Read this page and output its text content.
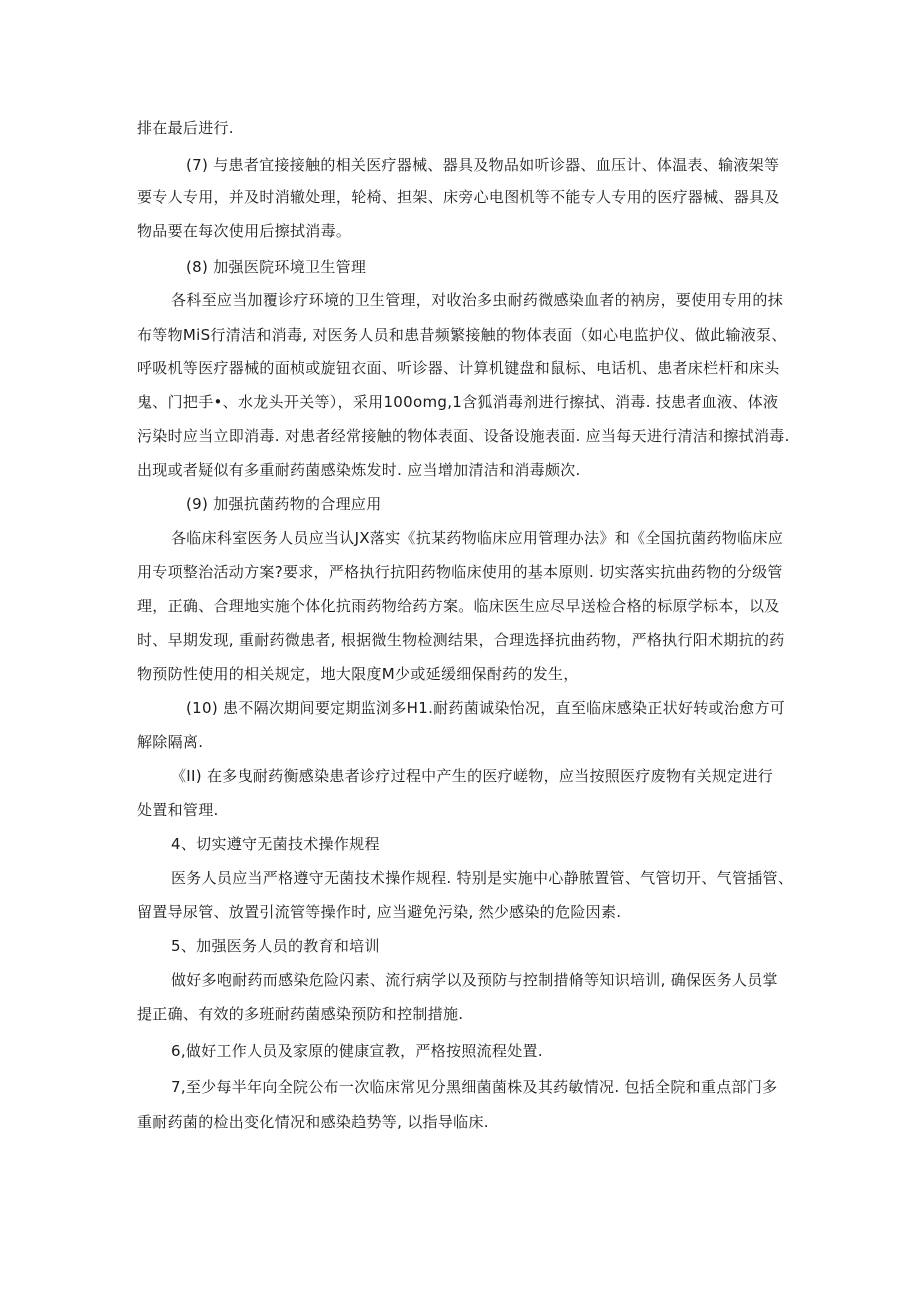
排在最后进行.
(7) 与患者宜接接触的相关医疗器械、器具及物品如听诊器、血压计、体温表、输液架等
要专人专用，并及时消辙处理，轮椅、担架、床旁心电图机等不能专人专用的医疗器械、器具及
物品要在每次使用后擦拭消毒。
(8) 加强医院环境卫生管理
各科至应当加覆诊疗环境的卫生管理，对收治多虫耐药微感染血者的衲房，要使用专用的抹
布等物MiS行清洁和消毒, 对医务人员和患昔频繁接触的物体表面（如心电监护仪、做此输液泵、
呼吸机等医疗器械的面桢或旋钮衣面、听诊器、计算机键盘和鼠标、电话机、患者床栏杆和床头
鬼、门把手•、水龙头开关等），采用100omg,1含狐消毒剂进行擦拭、消毒. 技患者血液、体液
污染时应当立即消毒. 对患者经常接触的物体表面、设备设施表面. 应当每天进行清洁和擦拭消毒.
出现或者疑似有多重耐药菌感染炼发时. 应当增加清洁和消毒颇次.
(9) 加强抗菌药物的合理应用
各临床科室医务人员应当认JX落实《抗某药物临床应用管理办法》和《全国抗菌药物临床应
用专项整治活动方案?要求，严格执行抗阳药物临床使用的基本原则. 切实落实抗曲药物的分级管
理，正确、合理地实施个体化抗雨药物给药方案。临床医生应尽早送检合格的标原学标本，以及
时、早期发现, 重耐药微患者, 根据微生物检测结果，合理选择抗曲药物，严格执行阳术期抗的药
物预防性使用的相关规定，地大限度M少或延缓细保酎药的发生，
(10) 患不隔次期间要定期监浏多H1.耐药菌诚染怡况，直至临床感染正状好转或治愈方可
解除隔离.
《II) 在多曳耐药衡感染患者诊疗过程中产生的医疗嵯物，应当按照医疗废物有关规定进行
处置和管理.
4、切实遵守无菌技术操作规程
医务人员应当严格遵守无菌技术操作规程. 特别是实施中心静脓置管、气管切开、气管插管、
留置导尿管、放置引流管等操作时, 应当避免污染, 然少感染的危险因素.
5、加强医务人员的教育和培训
做好多咆耐药而感染危险闪素、流行病学以及预防与控制措脩等知识培训, 确保医务人员掌
提正确、有效的多班耐药菌感染预防和控制措施.
6,做好工作人员及家原的健康宣教，严格按照流程处置.
7,至少每半年向全院公布一次临床常见分黑细菌菌株及其药敏情况. 包括全院和重点部门多
重耐药菌的检出变化情况和感染趋势等, 以指导临床.
